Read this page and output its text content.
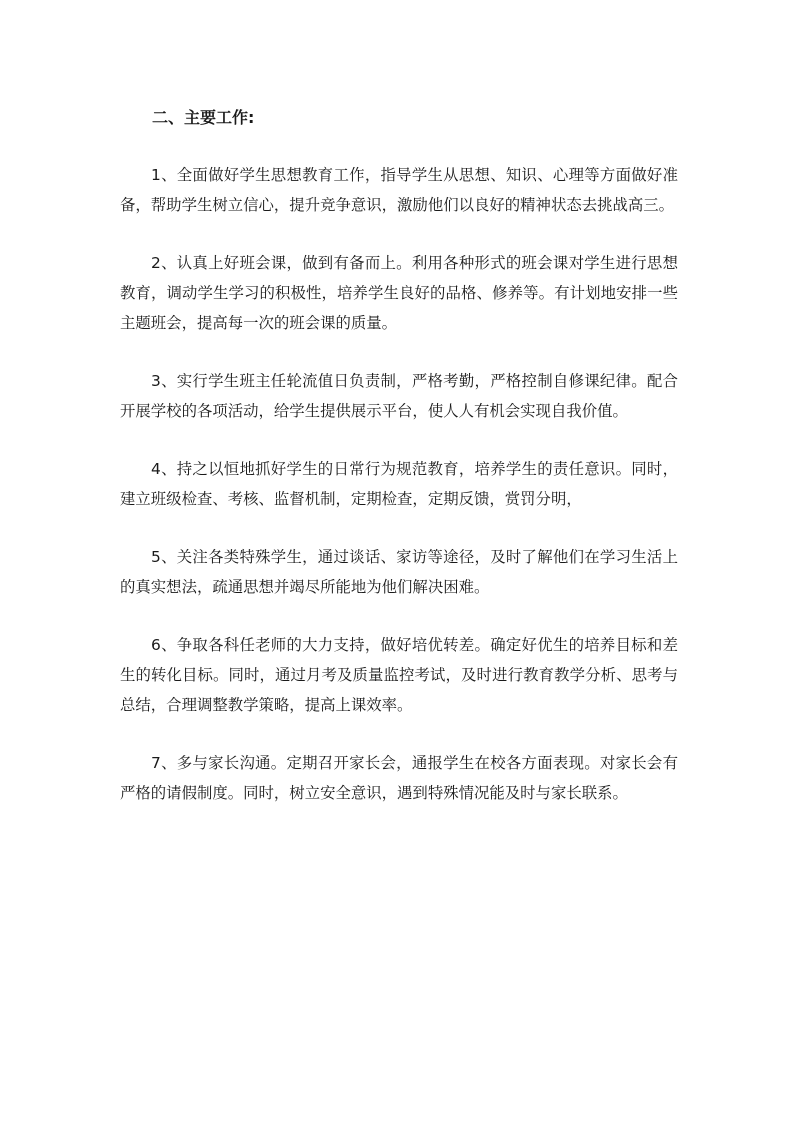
二、主要工作:

1、全面做好学生思想教育工作，指导学生从思想、知识、心理等方面做好准备，帮助学生树立信心，提升竞争意识，激励他们以良好的精神状态去挑战高三。

2、认真上好班会课，做到有备而上。利用各种形式的班会课对学生进行思想教育，调动学生学习的积极性，培养学生良好的品格、修养等。有计划地安排一些主题班会，提高每一次的班会课的质量。

3、实行学生班主任轮流值日负责制，严格考勤，严格控制自修课纪律。配合开展学校的各项活动，给学生提供展示平台，使人人有机会实现自我价值。

4、持之以恒地抓好学生的日常行为规范教育，培养学生的责任意识。同时，建立班级检查、考核、监督机制，定期检查，定期反馈，赏罚分明，

5、关注各类特殊学生，通过谈话、家访等途径，及时了解他们在学习生活上的真实想法，疏通思想并竭尽所能地为他们解决困难。

6、争取各科任老师的大力支持，做好培优转差。确定好优生的培养目标和差生的转化目标。同时，通过月考及质量监控考试，及时进行教育教学分析、思考与总结，合理调整教学策略，提高上课效率。

7、多与家长沟通。定期召开家长会，通报学生在校各方面表现。对家长会有严格的请假制度。同时，树立安全意识，遇到特殊情况能及时与家长联系。
